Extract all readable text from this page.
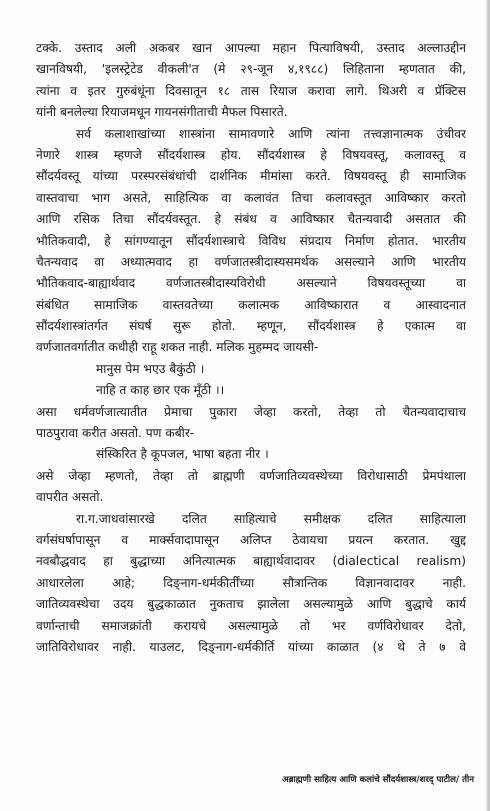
टक्के. उस्ताद अली अकबर खान आपल्या महान पित्याविषयी, उस्ताद अल्लाउद्दीन
खानविषयी, 'इलस्ट्रेटेड वीकली'त (मे २९-जून ४,१९८८) लिहिताना म्हणतात की,
त्यांना व इतर गुरुबंधूंना दिवसातून १८ तास रियाज करावा लागे. थिअरी व प्रॅक्टिस
यांनी बनलेल्या रियाजमधून गायनसंगीताची मैफल पिसारते.
सर्व कलाशाखांच्या शास्त्रांना सामावणारे आणि त्यांना तत्त्वज्ञानात्मक उंचीवर
नेणारे शास्त्र म्हणजे सौंदर्यशास्त्र होय. सौंदर्यशास्त्र हे विषयवस्तू, कलावस्तू व
सौंदर्यवस्तू यांच्या परस्परसंबंधांची दार्शनिक मीमांसा करते. विषयवस्तू ही सामाजिक
वास्तवाचा भाग असते, साहित्यिक वा कलावंत तिचा कलावस्तूत आविष्कार करतो
आणि रसिक तिचा सौंदर्यवस्तूत. हे संबंध व आविष्कार चैतन्यवादी असतात की
भौतिकवादी, हे सांगण्यातून सौंदर्यशास्त्राचे विविध संप्रदाय निर्माण होतात. भारतीय
चैतन्यवाद वा अध्यात्मवाद हा वर्णजातस्त्रीदास्यसमर्थक असल्याने आणि भारतीय
भौतिकवाद-बाह्यार्थवाद वर्णजातस्त्रीदास्यविरोधी असल्याने विषयवस्तूच्या वा
संबंधित सामाजिक वास्तवतेच्या कलात्मक आविष्कारात व आस्वादनात
सौंदर्यशास्त्रांतर्गत संघर्ष सुरू होतो. म्हणून, सौंदर्यशास्त्र हे एकात्म वा
वर्णजातवर्गातीत कधीही राहू शकत नाही. मलिक मुहम्मद जायसी-
मानुस पेम भएउ बैकुंठी ।
नाहि त काह छार एक मूँठी ।।
असा धर्मवर्णजात्यातीत प्रेमाचा पुकारा जेव्हा करतो, तेव्हा तो चैतन्यवादाचाच
पाठपुरावा करीत असतो. पण कबीर-
संस्किरित है कूपजल, भाषा बहता नीर ।
असे जेव्हा म्हणतो, तेव्हा तो ब्राह्मणी वर्णजातिव्यवस्थेच्या विरोधासाठी प्रेमपंथाला
वापरीत असतो.
रा.ग.जाधवांसारखे दलित साहित्याचे समीक्षक दलित साहित्याला
वर्गसंघर्षापासून व मार्क्सवादापासून अलिप्त ठेवायचा प्रयत्न करतात. खुद्द
नवबौद्धवाद हा बुद्धाच्या अनित्यात्मक बाह्यार्थवादावर (dialectical realism)
आधारलेला आहे; दिङ्नाग-धर्मकीर्तींच्या सौत्रान्तिक विज्ञानवादावर नाही.
जातिव्यवस्थेचा उदय बुद्धकाळात नुकताच झालेला असल्यामुळे आणि बुद्धाचे कार्य
वर्णान्ताची समाजक्रांती करायचे असल्यामुळे तो भर वर्णविरोधावर देतो,
जातिविरोधावर नाही. याउलट, दिङ्नाग-धर्मकीर्ति यांच्या काळात (४ थे ते ७ वे
अब्राह्मणी साहित्य आणि कलांचे सौंदर्यशास्त्र/शरद् पाटील/ तीन
